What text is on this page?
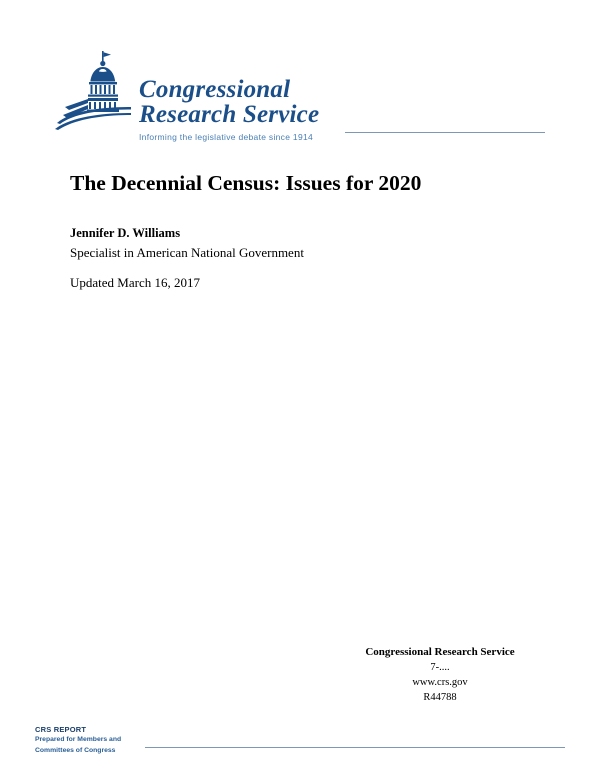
Congressional
Research Service
Informing the legislative debate since 1914
The Decennial Census: Issues for 2020
Jennifer D. Williams
Specialist in American National Government
Updated March 16, 2017
Congressional Research Service
7-....
www.crs.gov
R44788
CRS REPORT
Prepared for Members and
Committees of Congress
